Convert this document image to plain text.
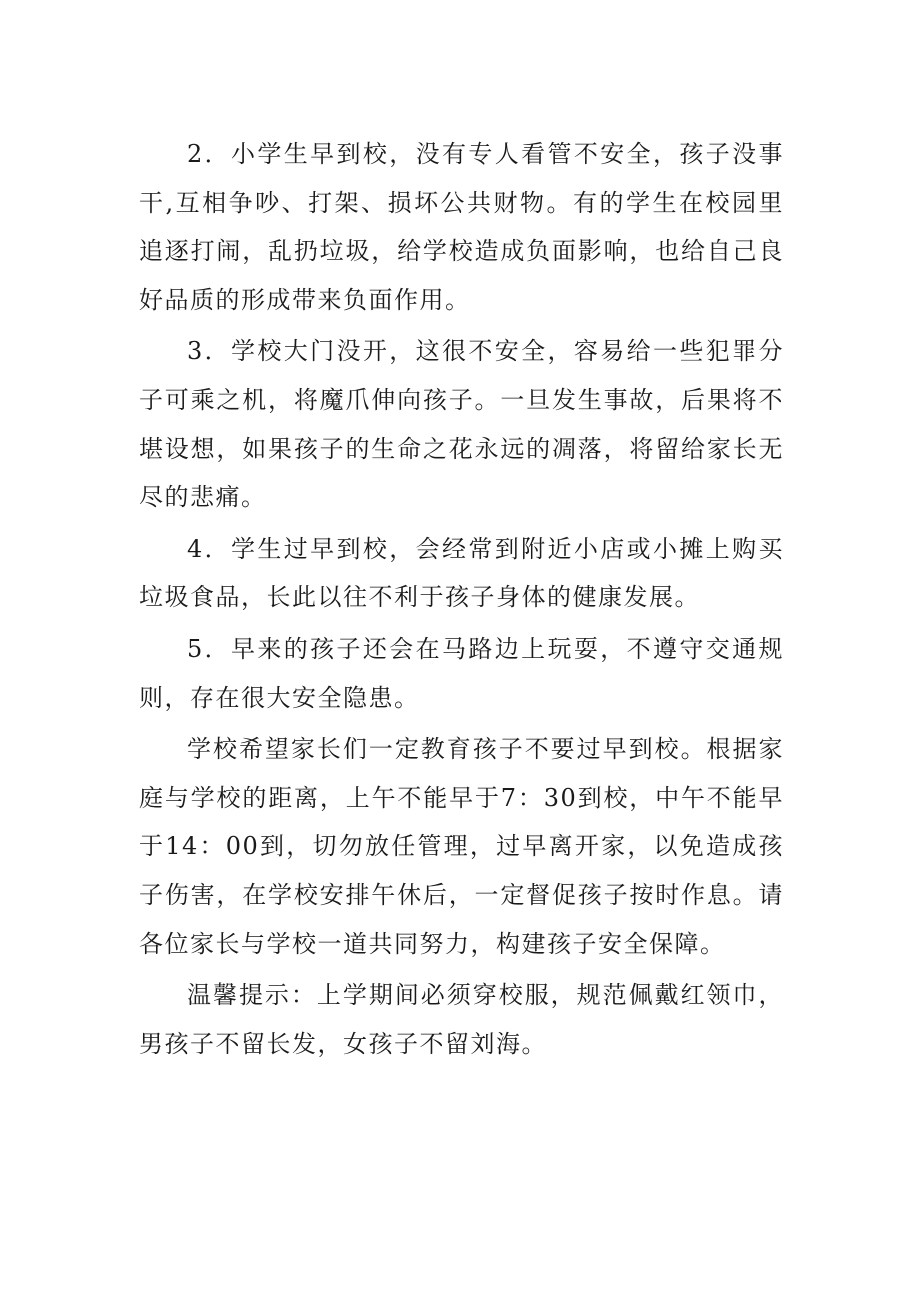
2．小学生早到校，没有专人看管不安全，孩子没事干,互相争吵、打架、损坏公共财物。有的学生在校园里追逐打闹，乱扔垃圾，给学校造成负面影响，也给自己良好品质的形成带来负面作用。

3．学校大门没开，这很不安全，容易给一些犯罪分子可乘之机，将魔爪伸向孩子。一旦发生事故，后果将不堪设想，如果孩子的生命之花永远的凋落，将留给家长无尽的悲痛。

4．学生过早到校，会经常到附近小店或小摊上购买垃圾食品，长此以往不利于孩子身体的健康发展。

5．早来的孩子还会在马路边上玩耍，不遵守交通规则，存在很大安全隐患。

学校希望家长们一定教育孩子不要过早到校。根据家庭与学校的距离，上午不能早于7：30到校，中午不能早于14：00到，切勿放任管理，过早离开家，以免造成孩子伤害，在学校安排午休后，一定督促孩子按时作息。请各位家长与学校一道共同努力，构建孩子安全保障。

温馨提示：上学期间必须穿校服，规范佩戴红领巾，男孩子不留长发，女孩子不留刘海。
